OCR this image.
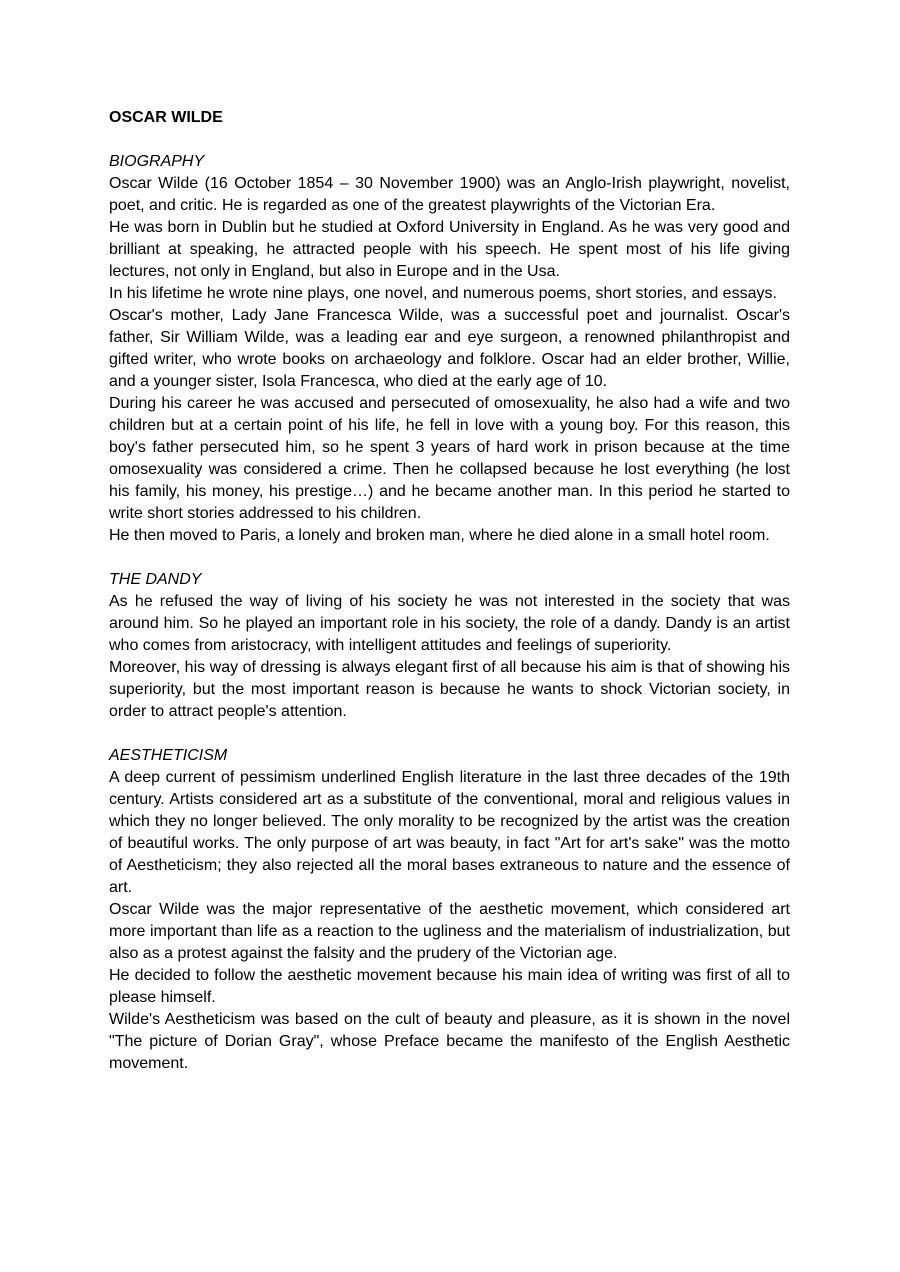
OSCAR WILDE

BIOGRAPHY

Oscar Wilde (16 October 1854 – 30 November 1900) was an Anglo-Irish playwright, novelist, poet, and critic. He is regarded as one of the greatest playwrights of the Victorian Era.

He was born in Dublin but he studied at Oxford University in England. As he was very good and brilliant at speaking, he attracted people with his speech. He spent most of his life giving lectures, not only in England, but also in Europe and in the Usa.

In his lifetime he wrote nine plays, one novel, and numerous poems, short stories, and essays.

Oscar's mother, Lady Jane Francesca Wilde, was a successful poet and journalist. Oscar's father, Sir William Wilde, was a leading ear and eye surgeon, a renowned philanthropist and gifted writer, who wrote books on archaeology and folklore. Oscar had an elder brother, Willie, and a younger sister, Isola Francesca, who died at the early age of 10.

During his career he was accused and persecuted of omosexuality, he also had a wife and two children but at a certain point of his life, he fell in love with a young boy. For this reason, this boy's father persecuted him, so he spent 3 years of hard work in prison because at the time omosexuality was considered a crime. Then he collapsed because he lost everything (he lost his family, his money, his prestige…) and he became another man. In this period he started to write short stories addressed to his children.

He then moved to Paris, a lonely and broken man, where he died alone in a small hotel room.

THE DANDY

As he refused the way of living of his society he was not interested in the society that was around him. So he played an important role in his society, the role of a dandy. Dandy is an artist who comes from aristocracy, with intelligent attitudes and feelings of superiority.

Moreover, his way of dressing is always elegant first of all because his aim is that of showing his superiority, but the most important reason is because he wants to shock Victorian society, in order to attract people's attention.

AESTHETICISM

A deep current of pessimism underlined English literature in the last three decades of the 19th century. Artists considered art as a substitute of the conventional, moral and religious values in which they no longer believed. The only morality to be recognized by the artist was the creation of beautiful works. The only purpose of art was beauty, in fact "Art for art's sake" was the motto of Aestheticism; they also rejected all the moral bases extraneous to nature and the essence of art.

Oscar Wilde was the major representative of the aesthetic movement, which considered art more important than life as a reaction to the ugliness and the materialism of industrialization, but also as a protest against the falsity and the prudery of the Victorian age.

He decided to follow the aesthetic movement because his main idea of writing was first of all to please himself.

Wilde's Aestheticism was based on the cult of beauty and pleasure, as it is shown in the novel "The picture of Dorian Gray", whose Preface became the manifesto of the English Aesthetic movement.
